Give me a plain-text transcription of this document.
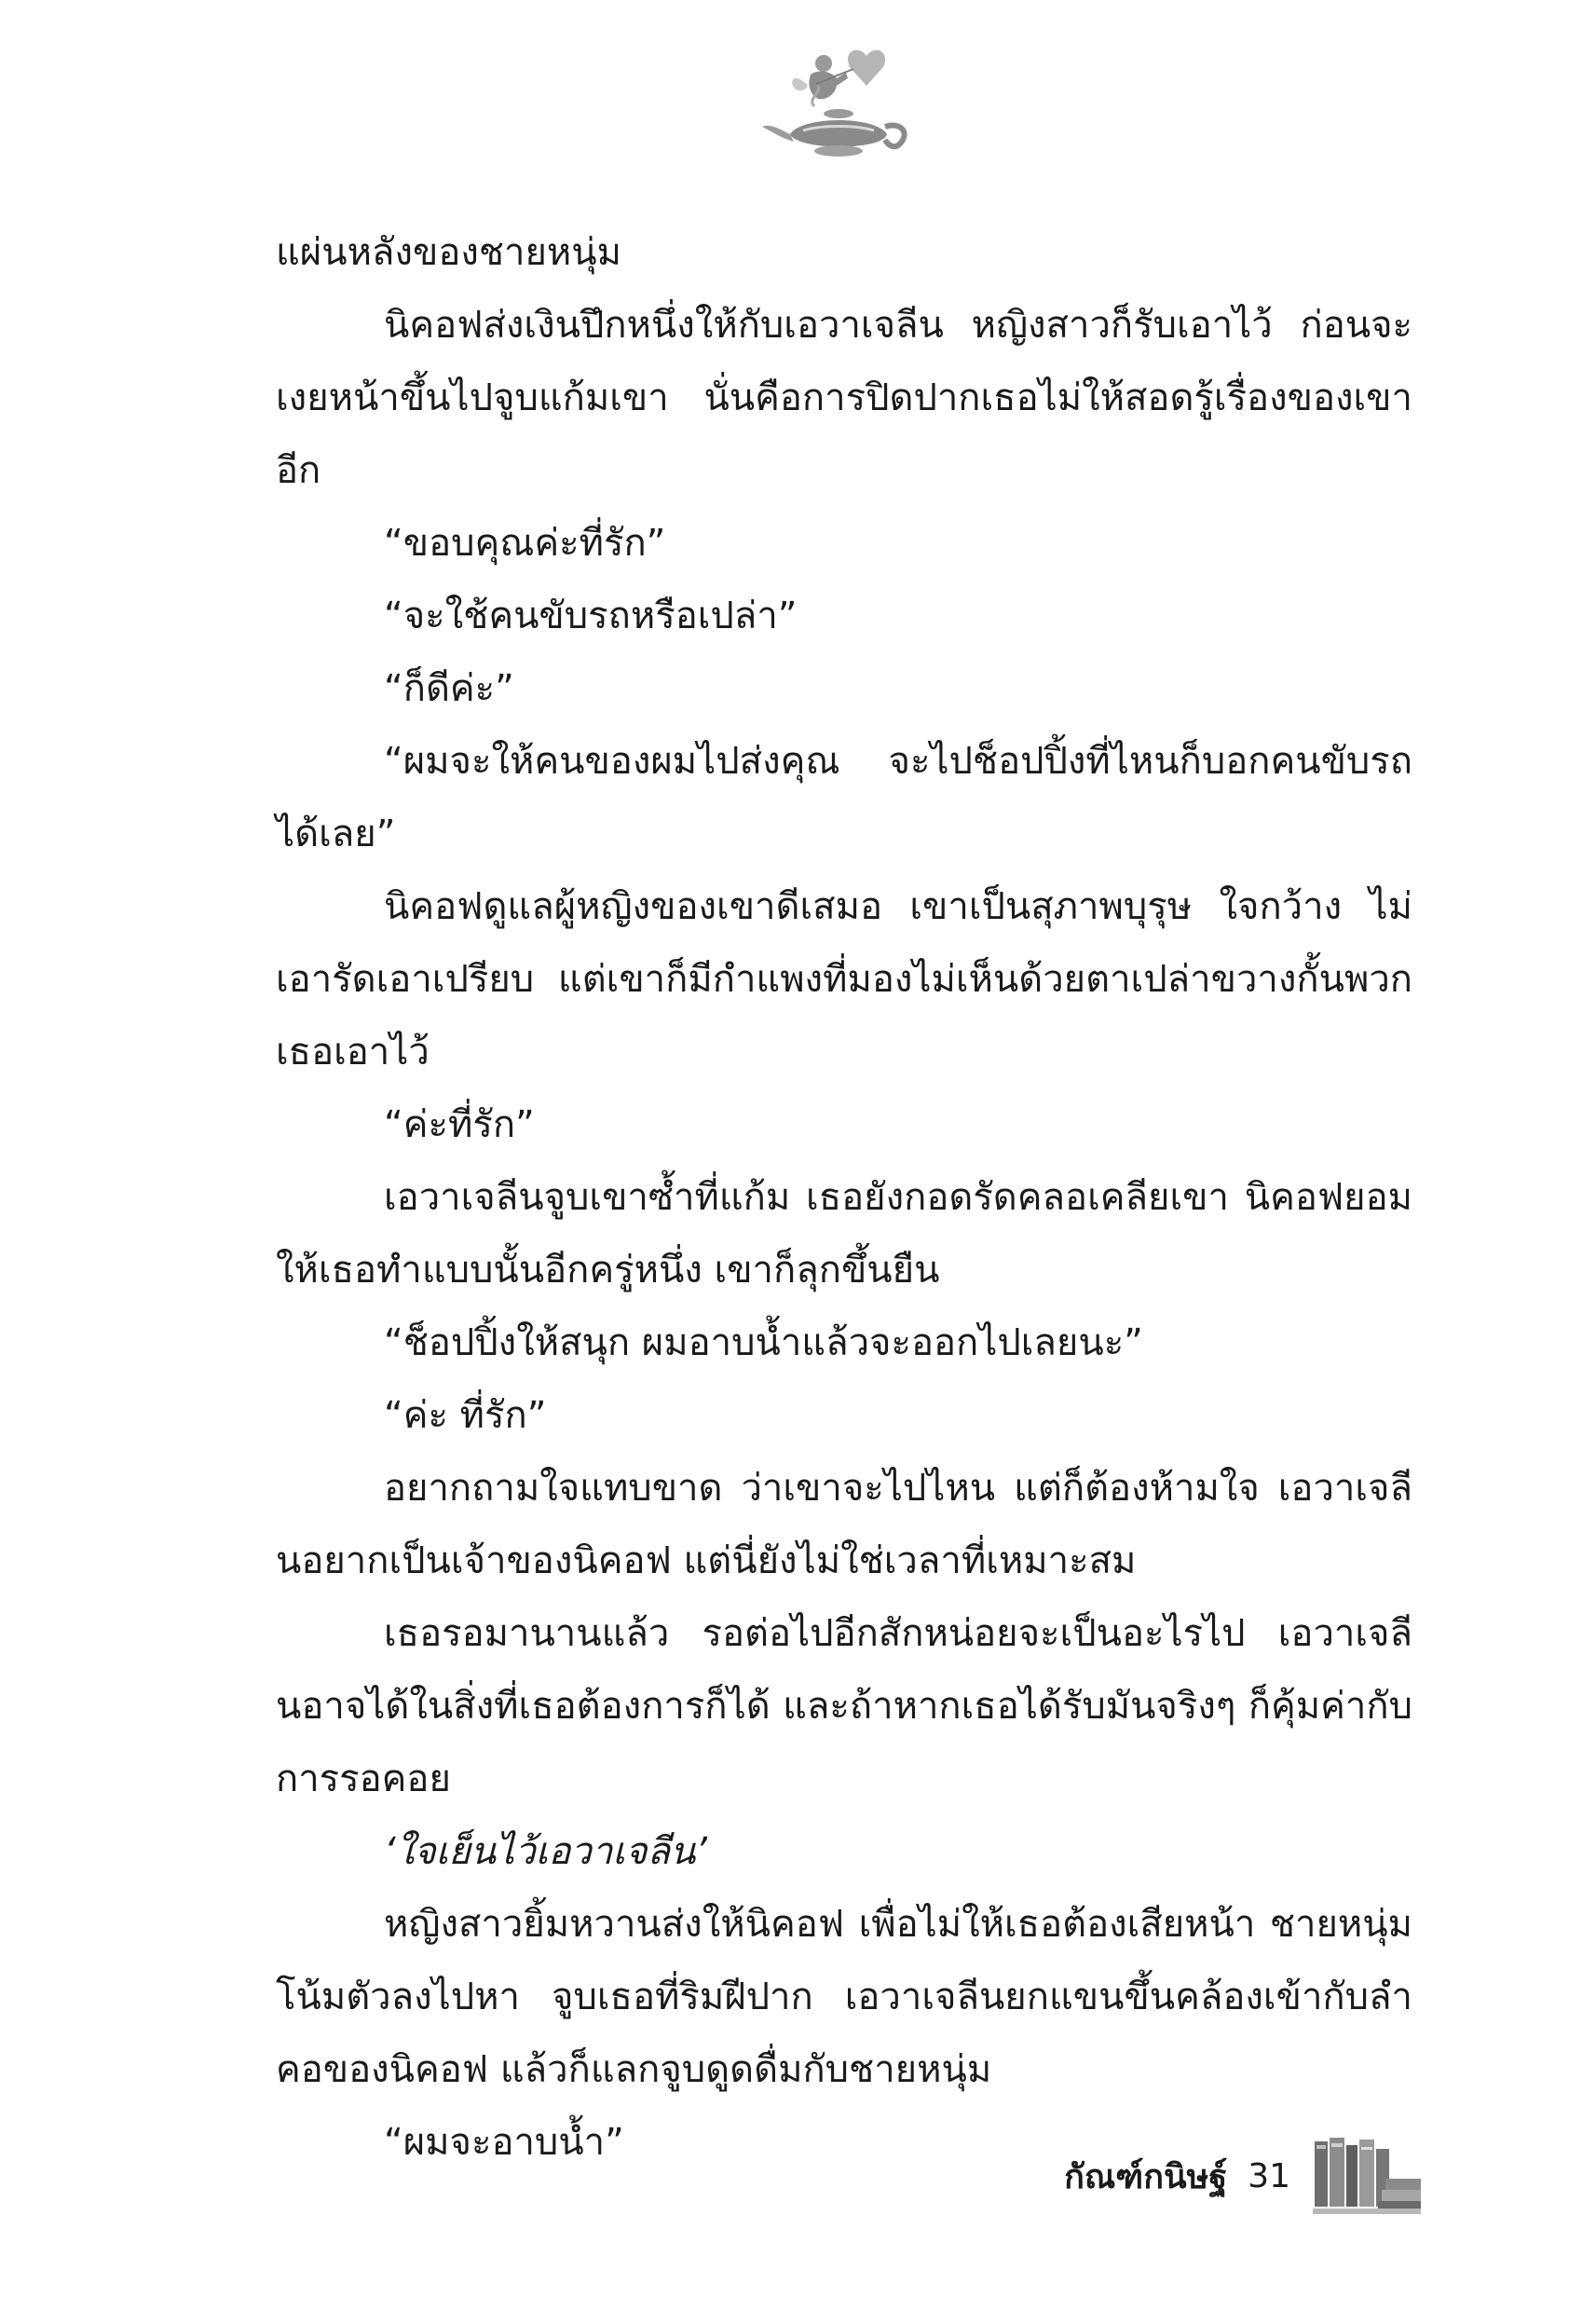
แผ่นหลังของชายหนุ่ม

นิคอฟส่งเงินปึกหนึ่งให้กับเอวาเจลีน หญิงสาวก็รับเอาไว้ ก่อนจะเงยหน้าขึ้นไปจูบแก้มเขา นั่นคือการปิดปากเธอไม่ให้สอดรู้เรื่องของเขาอีก

“ขอบคุณค่ะที่รัก”

“จะใช้คนขับรถหรือเปล่า”

“ก็ดีค่ะ”

“ผมจะให้คนของผมไปส่งคุณ จะไปช็อปปิ้งที่ไหนก็บอกคนขับรถได้เลย”

นิคอฟดูแลผู้หญิงของเขาดีเสมอ เขาเป็นสุภาพบุรุษ ใจกว้าง ไม่เอารัดเอาเปรียบ แต่เขาก็มีกำแพงที่มองไม่เห็นด้วยตาเปล่าขวางกั้นพวกเธอเอาไว้

“ค่ะที่รัก”

เอวาเจลีนจูบเขาซ้ำที่แก้ม เธอยังกอดรัดคลอเคลียเขา นิคอฟยอมให้เธอทำแบบนั้นอีกครู่หนึ่ง เขาก็ลุกขึ้นยืน

“ช็อปปิ้งให้สนุก ผมอาบน้ำแล้วจะออกไปเลยนะ”

“ค่ะ ที่รัก”

อยากถามใจแทบขาด ว่าเขาจะไปไหน แต่ก็ต้องห้ามใจ เอวาเจลีนอยากเป็นเจ้าของนิคอฟ แต่นี่ยังไม่ใช่เวลาที่เหมาะสม

เธอรอมานานแล้ว รอต่อไปอีกสักหน่อยจะเป็นอะไรไป เอวาเจลีนอาจได้ในสิ่งที่เธอต้องการก็ได้ และถ้าหากเธอได้รับมันจริงๆ ก็คุ้มค่ากับการรอคอย

‘ใจเย็นไว้เอวาเจลีน’

หญิงสาวยิ้มหวานส่งให้นิคอฟ เพื่อไม่ให้เธอต้องเสียหน้า ชายหนุ่มโน้มตัวลงไปหา จูบเธอที่ริมฝีปาก เอวาเจลีนยกแขนขึ้นคล้องเข้ากับลำคอของนิคอฟ แล้วก็แลกจูบดูดดื่มกับชายหนุ่ม

“ผมจะอาบน้ำ”

กัณฑ์กนิษฐ์ 31
